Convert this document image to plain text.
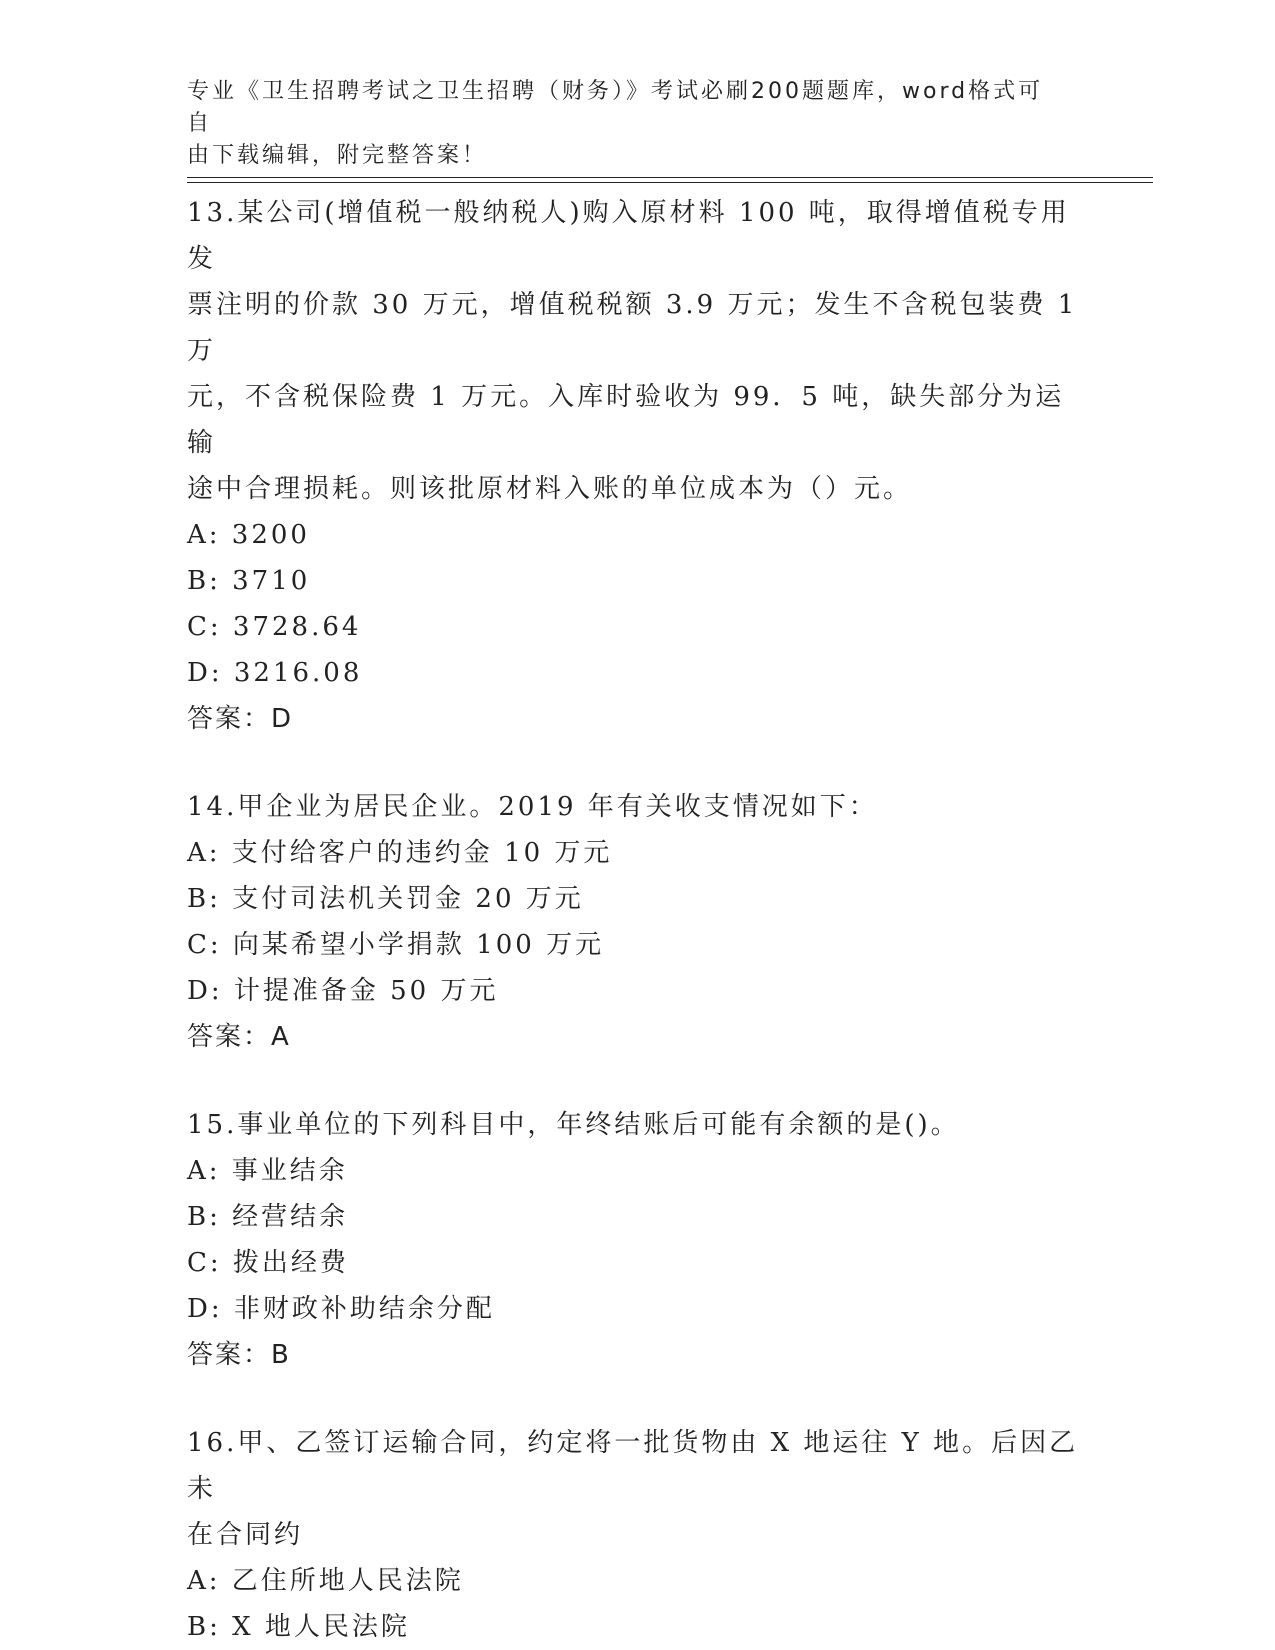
专业《卫生招聘考试之卫生招聘（财务）》考试必刷200题题库，word格式可自
由下载编辑，附完整答案！
13.某公司(增值税一般纳税人)购入原材料 100 吨，取得增值税专用发
票注明的价款 30 万元，增值税税额 3.9 万元；发生不含税包装费 1 万
元，不含税保险费 1 万元。入库时验收为 99．5 吨，缺失部分为运输
途中合理损耗。则该批原材料入账的单位成本为（）元。
A: 3200
B: 3710
C: 3728.64
D: 3216.08
答案：D
14.甲企业为居民企业。2019 年有关收支情况如下：
A: 支付给客户的违约金 10 万元
B: 支付司法机关罚金 20 万元
C: 向某希望小学捐款 100 万元
D: 计提准备金 50 万元
答案：A
15.事业单位的下列科目中，年终结账后可能有余额的是()。
A: 事业结余
B: 经营结余
C: 拨出经费
D: 非财政补助结余分配
答案：B
16.甲、乙签订运输合同，约定将一批货物由 X 地运往 Y 地。后因乙未
在合同约
A: 乙住所地人民法院
B: X 地人民法院
